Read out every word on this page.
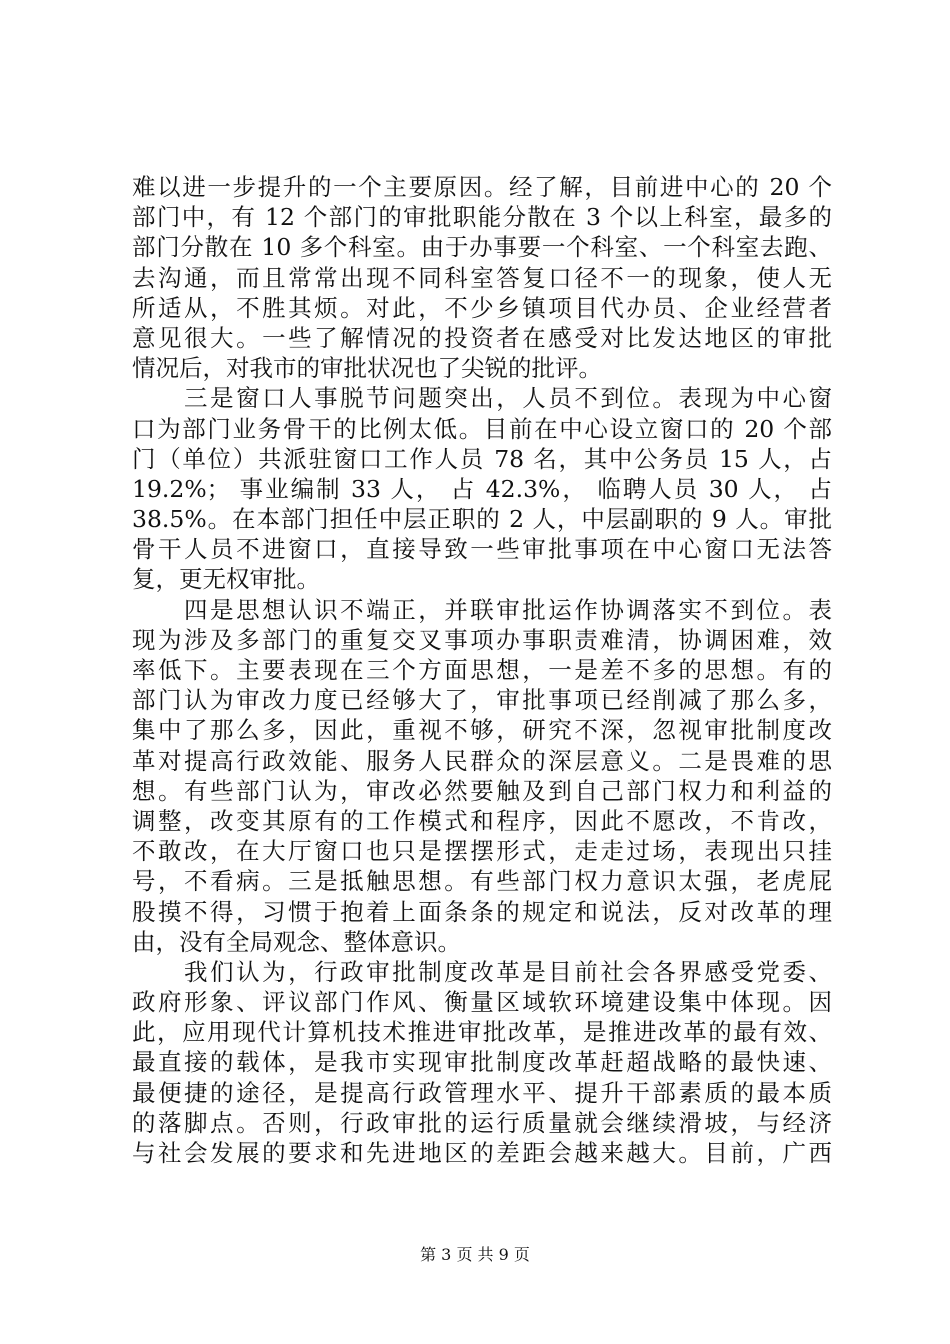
难以进一步提升的一个主要原因。经了解，目前进中心的 20 个
部门中，有 12 个部门的审批职能分散在 3 个以上科室，最多的
部门分散在 10 多个科室。由于办事要一个科室、一个科室去跑、
去沟通，而且常常出现不同科室答复口径不一的现象，使人无
所适从，不胜其烦。对此，不少乡镇项目代办员、企业经营者
意见很大。一些了解情况的投资者在感受对比发达地区的审批
情况后，对我市的审批状况也了尖锐的批评。
　　三是窗口人事脱节问题突出，人员不到位。表现为中心窗
口为部门业务骨干的比例太低。目前在中心设立窗口的 20 个部
门（单位）共派驻窗口工作人员 78 名，其中公务员 15 人，占
19.2%； 事业编制 33 人， 占 42.3%， 临聘人员 30 人， 占
38.5%。在本部门担任中层正职的 2 人，中层副职的 9 人。审批
骨干人员不进窗口，直接导致一些审批事项在中心窗口无法答
复，更无权审批。
　　四是思想认识不端正，并联审批运作协调落实不到位。表
现为涉及多部门的重复交叉事项办事职责难清，协调困难，效
率低下。主要表现在三个方面思想，一是差不多的思想。有的
部门认为审改力度已经够大了，审批事项已经削减了那么多，
集中了那么多，因此，重视不够，研究不深，忽视审批制度改
革对提高行政效能、服务人民群众的深层意义。二是畏难的思
想。有些部门认为，审改必然要触及到自己部门权力和利益的
调整，改变其原有的工作模式和程序，因此不愿改，不肯改，
不敢改，在大厅窗口也只是摆摆形式，走走过场，表现出只挂
号，不看病。三是抵触思想。有些部门权力意识太强，老虎屁
股摸不得，习惯于抱着上面条条的规定和说法，反对改革的理
由，没有全局观念、整体意识。
　　我们认为，行政审批制度改革是目前社会各界感受党委、
政府形象、评议部门作风、衡量区域软环境建设集中体现。因
此，应用现代计算机技术推进审批改革，是推进改革的最有效、
最直接的载体，是我市实现审批制度改革赶超战略的最快速、
最便捷的途径，是提高行政管理水平、提升干部素质的最本质
的落脚点。否则，行政审批的运行质量就会继续滑坡，与经济
与社会发展的要求和先进地区的差距会越来越大。目前，广西
第 3 页 共 9 页
